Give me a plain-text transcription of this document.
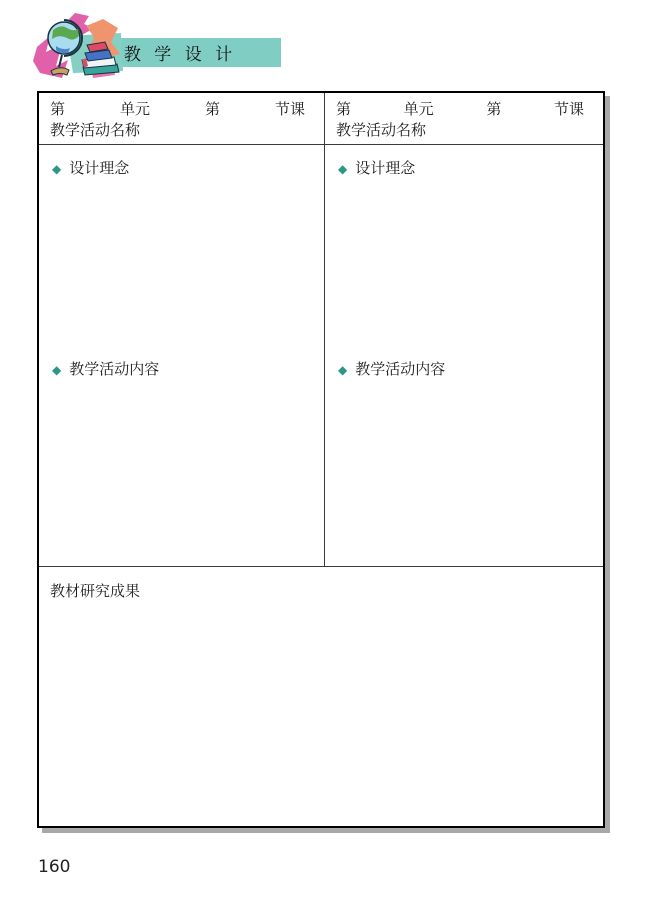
教 学 设 计
第	单元	第	节课
教学活动名称
◆ 设计理念
◆ 教学活动内容
第	单元	第	节课
教学活动名称
◆ 设计理念
◆ 教学活动内容
教材研究成果
160
